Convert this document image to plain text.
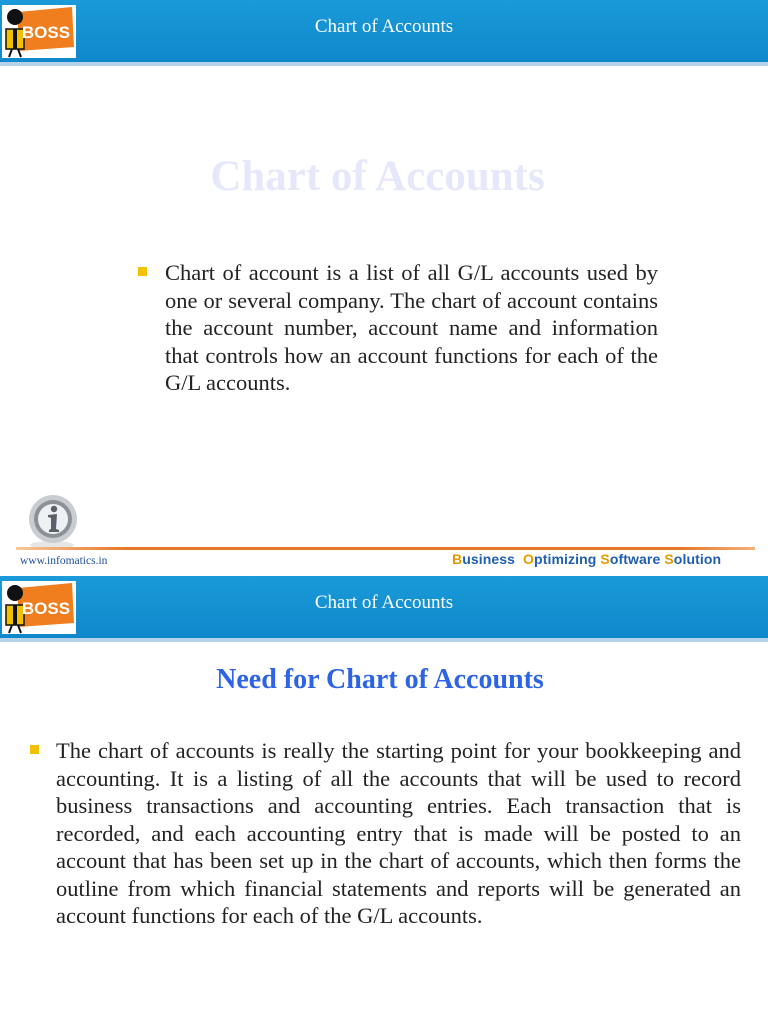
Chart of Accounts
BOSS
Chart of Accounts
Chart of account is a list of all G/L accounts used by one or several company. The chart of account contains the account number, account name and information that controls how an account functions for each of the G/L accounts.
www.infomatics.in	Business Optimizing Software Solution
Chart of Accounts
BOSS
Need for Chart of Accounts
The chart of accounts is really the starting point for your bookkeeping and accounting. It is a listing of all the accounts that will be used to record business transactions and accounting entries. Each transaction that is recorded, and each accounting entry that is made will be posted to an account that has been set up in the chart of accounts, which then forms the outline from which financial statements and reports will be generated an account functions for each of the G/L accounts.
